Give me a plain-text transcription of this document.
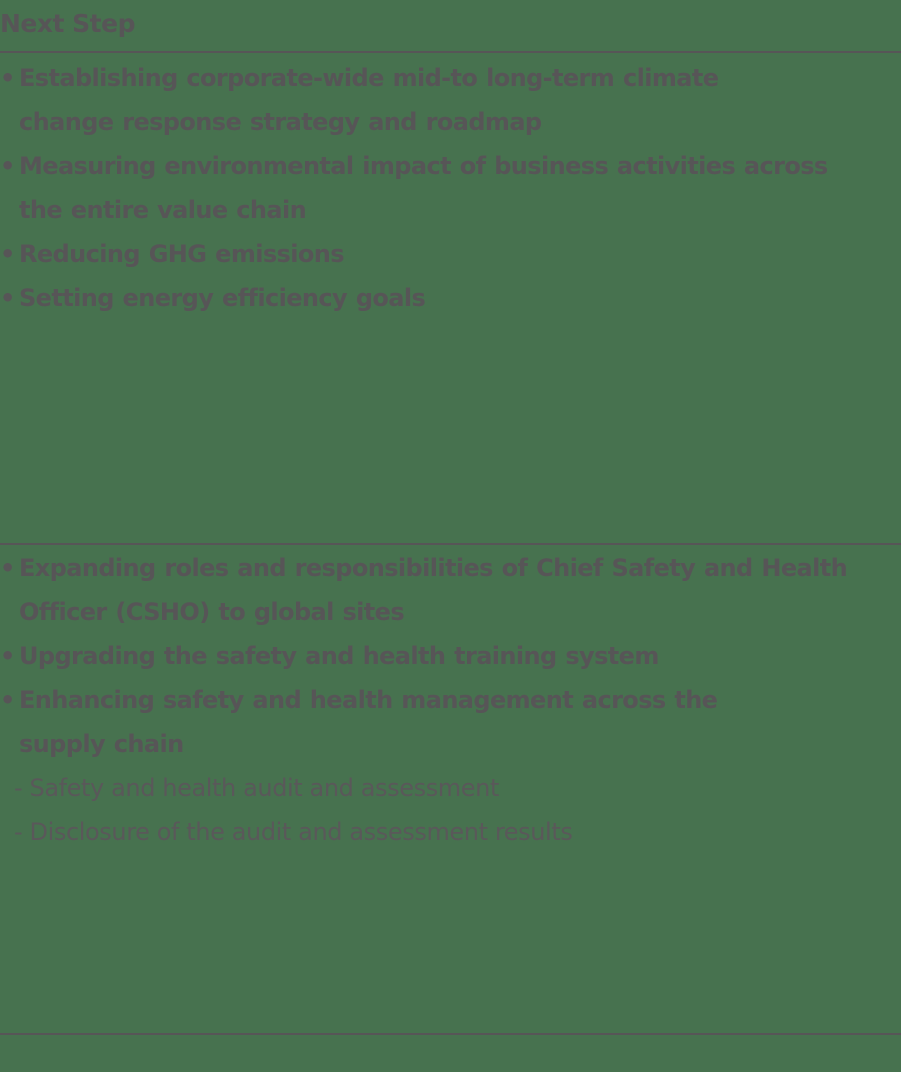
Next Step
• Establishing corporate-wide mid-to long-term climate change response strategy and roadmap
• Measuring environmental impact of business activities across the entire value chain
• Reducing GHG emissions
• Setting energy efficiency goals
• Expanding roles and responsibilities of Chief Safety and Health Officer (CSHO) to global sites
• Upgrading the safety and health training system
• Enhancing safety and health management across the supply chain
- Safety and health audit and assessment
- Disclosure of the audit and assessment results
